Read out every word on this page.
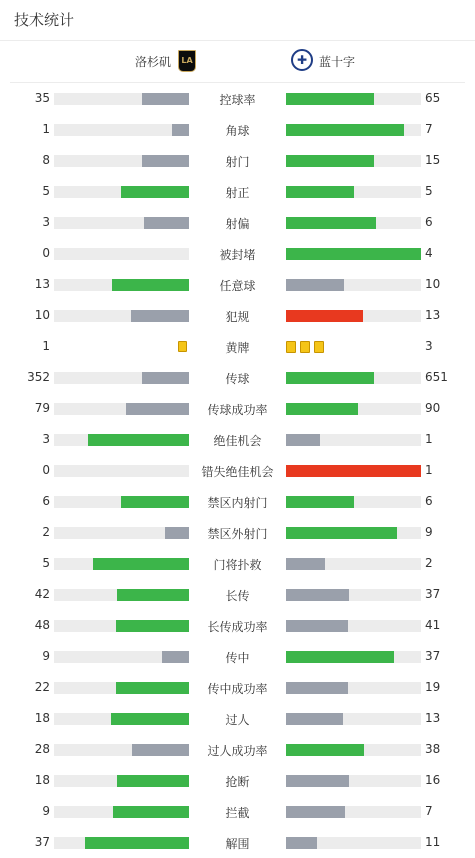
技术统计
洛杉矶 LA	✚ 蓝十字
35	控球率	65
1	角球	7
8	射门	15
5	射正	5
3	射偏	6
0	被封堵	4
13	任意球	10
10	犯规	13
1	黄牌	3
352	传球	651
79	传球成功率	90
3	绝佳机会	1
0	错失绝佳机会	1
6	禁区内射门	6
2	禁区外射门	9
5	门将扑救	2
42	长传	37
48	长传成功率	41
9	传中	37
22	传中成功率	19
18	过人	13
28	过人成功率	38
18	抢断	16
9	拦截	7
37	解围	11
